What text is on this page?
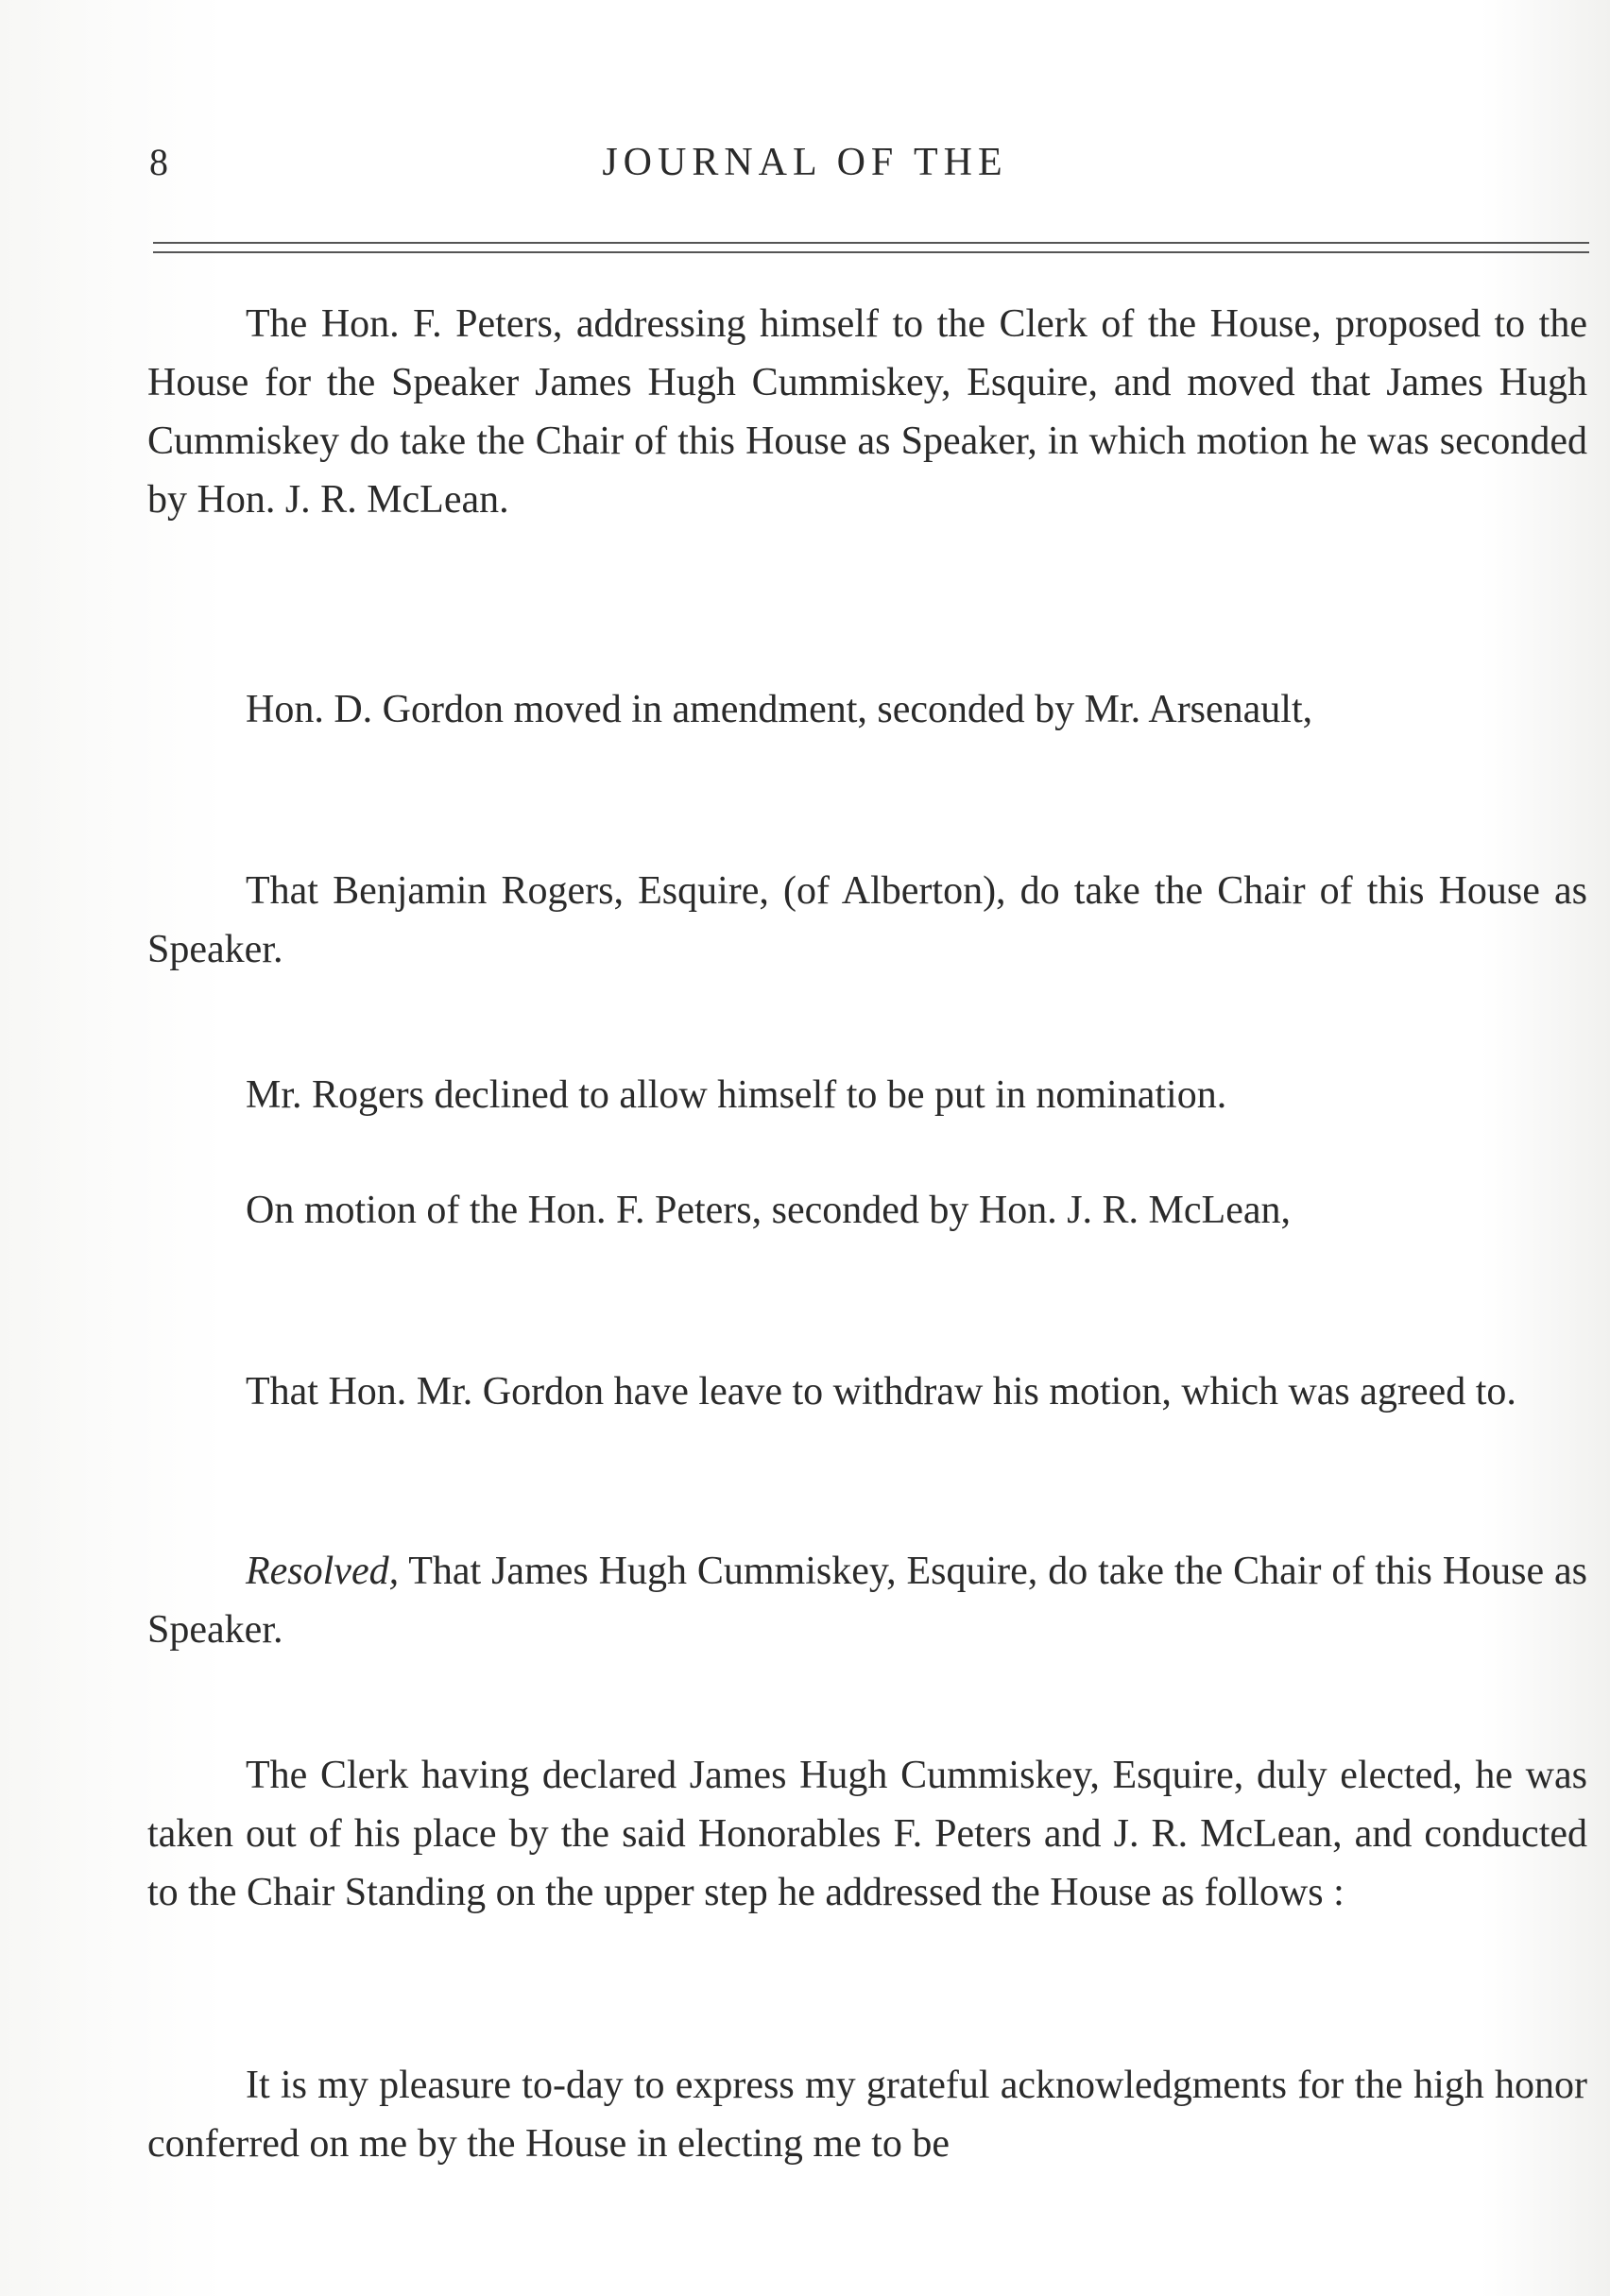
8	JOURNAL OF THE

The Hon. F. Peters, addressing himself to the Clerk of the House, proposed to the House for the Speaker James Hugh Cummiskey, Esquire, and moved that James Hugh Cummiskey do take the Chair of this House as Speaker, in which motion he was seconded by Hon. J. R. McLean.

Hon. D. Gordon moved in amendment, seconded by Mr. Arsenault,

That Benjamin Rogers, Esquire, (of Alberton), do take the Chair of this House as Speaker.

Mr. Rogers declined to allow himself to be put in nomination.

On motion of the Hon. F. Peters, seconded by Hon. J. R. McLean,

That Hon. Mr. Gordon have leave to withdraw his motion, which was agreed to.

Resolved, That James Hugh Cummiskey, Esquire, do take the Chair of this House as Speaker.

The Clerk having declared James Hugh Cummiskey, Esquire, duly elected, he was taken out of his place by the said Honorables F. Peters and J. R. McLean, and conducted to the Chair Standing on the upper step he addressed the House as follows :

It is my pleasure to-day to express my grateful acknowledgments for the high honor conferred on me by the House in electing me to be
